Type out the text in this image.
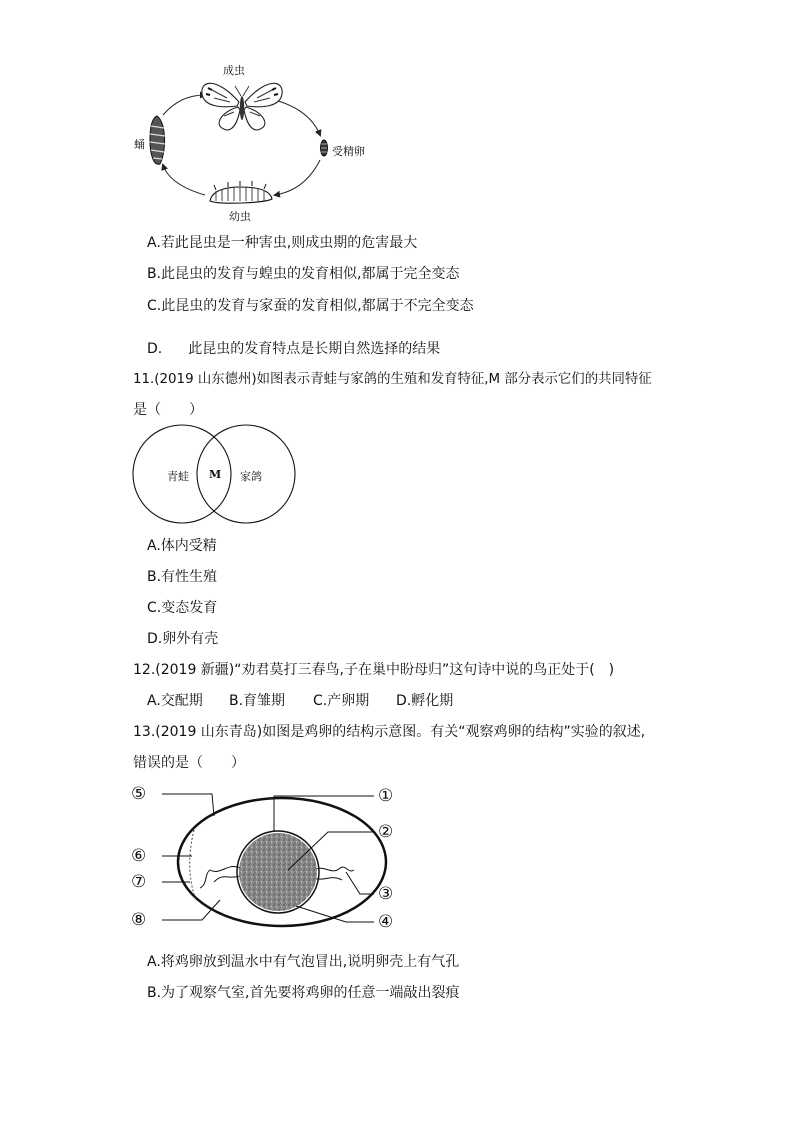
成虫
蛹
受精卵
幼虫
A.若此昆虫是一种害虫,则成虫期的危害最大
B.此昆虫的发育与蝗虫的发育相似,都属于完全变态
C.此昆虫的发育与家蚕的发育相似,都属于不完全变态
D. 此昆虫的发育特点是长期自然选择的结果
11.(2019 山东德州)如图表示青蛙与家鸽的生殖和发育特征,M 部分表示它们的共同特征
是（　　）
青蛙 M 家鸽
A.体内受精
B.有性生殖
C.变态发育
D.卵外有壳
12.(2019 新疆)“劝君莫打三春鸟,子在巢中盼母归”这句诗中说的鸟正处于(　)
A.交配期 B.育雏期 C.产卵期 D.孵化期
13.(2019 山东青岛)如图是鸡卵的结构示意图。有关“观察鸡卵的结构”实验的叙述,
错误的是（　　）
⑤
⑥
⑦
⑧
①
②
③
④
A.将鸡卵放到温水中有气泡冒出,说明卵壳上有气孔
B.为了观察气室,首先要将鸡卵的任意一端敲出裂痕
